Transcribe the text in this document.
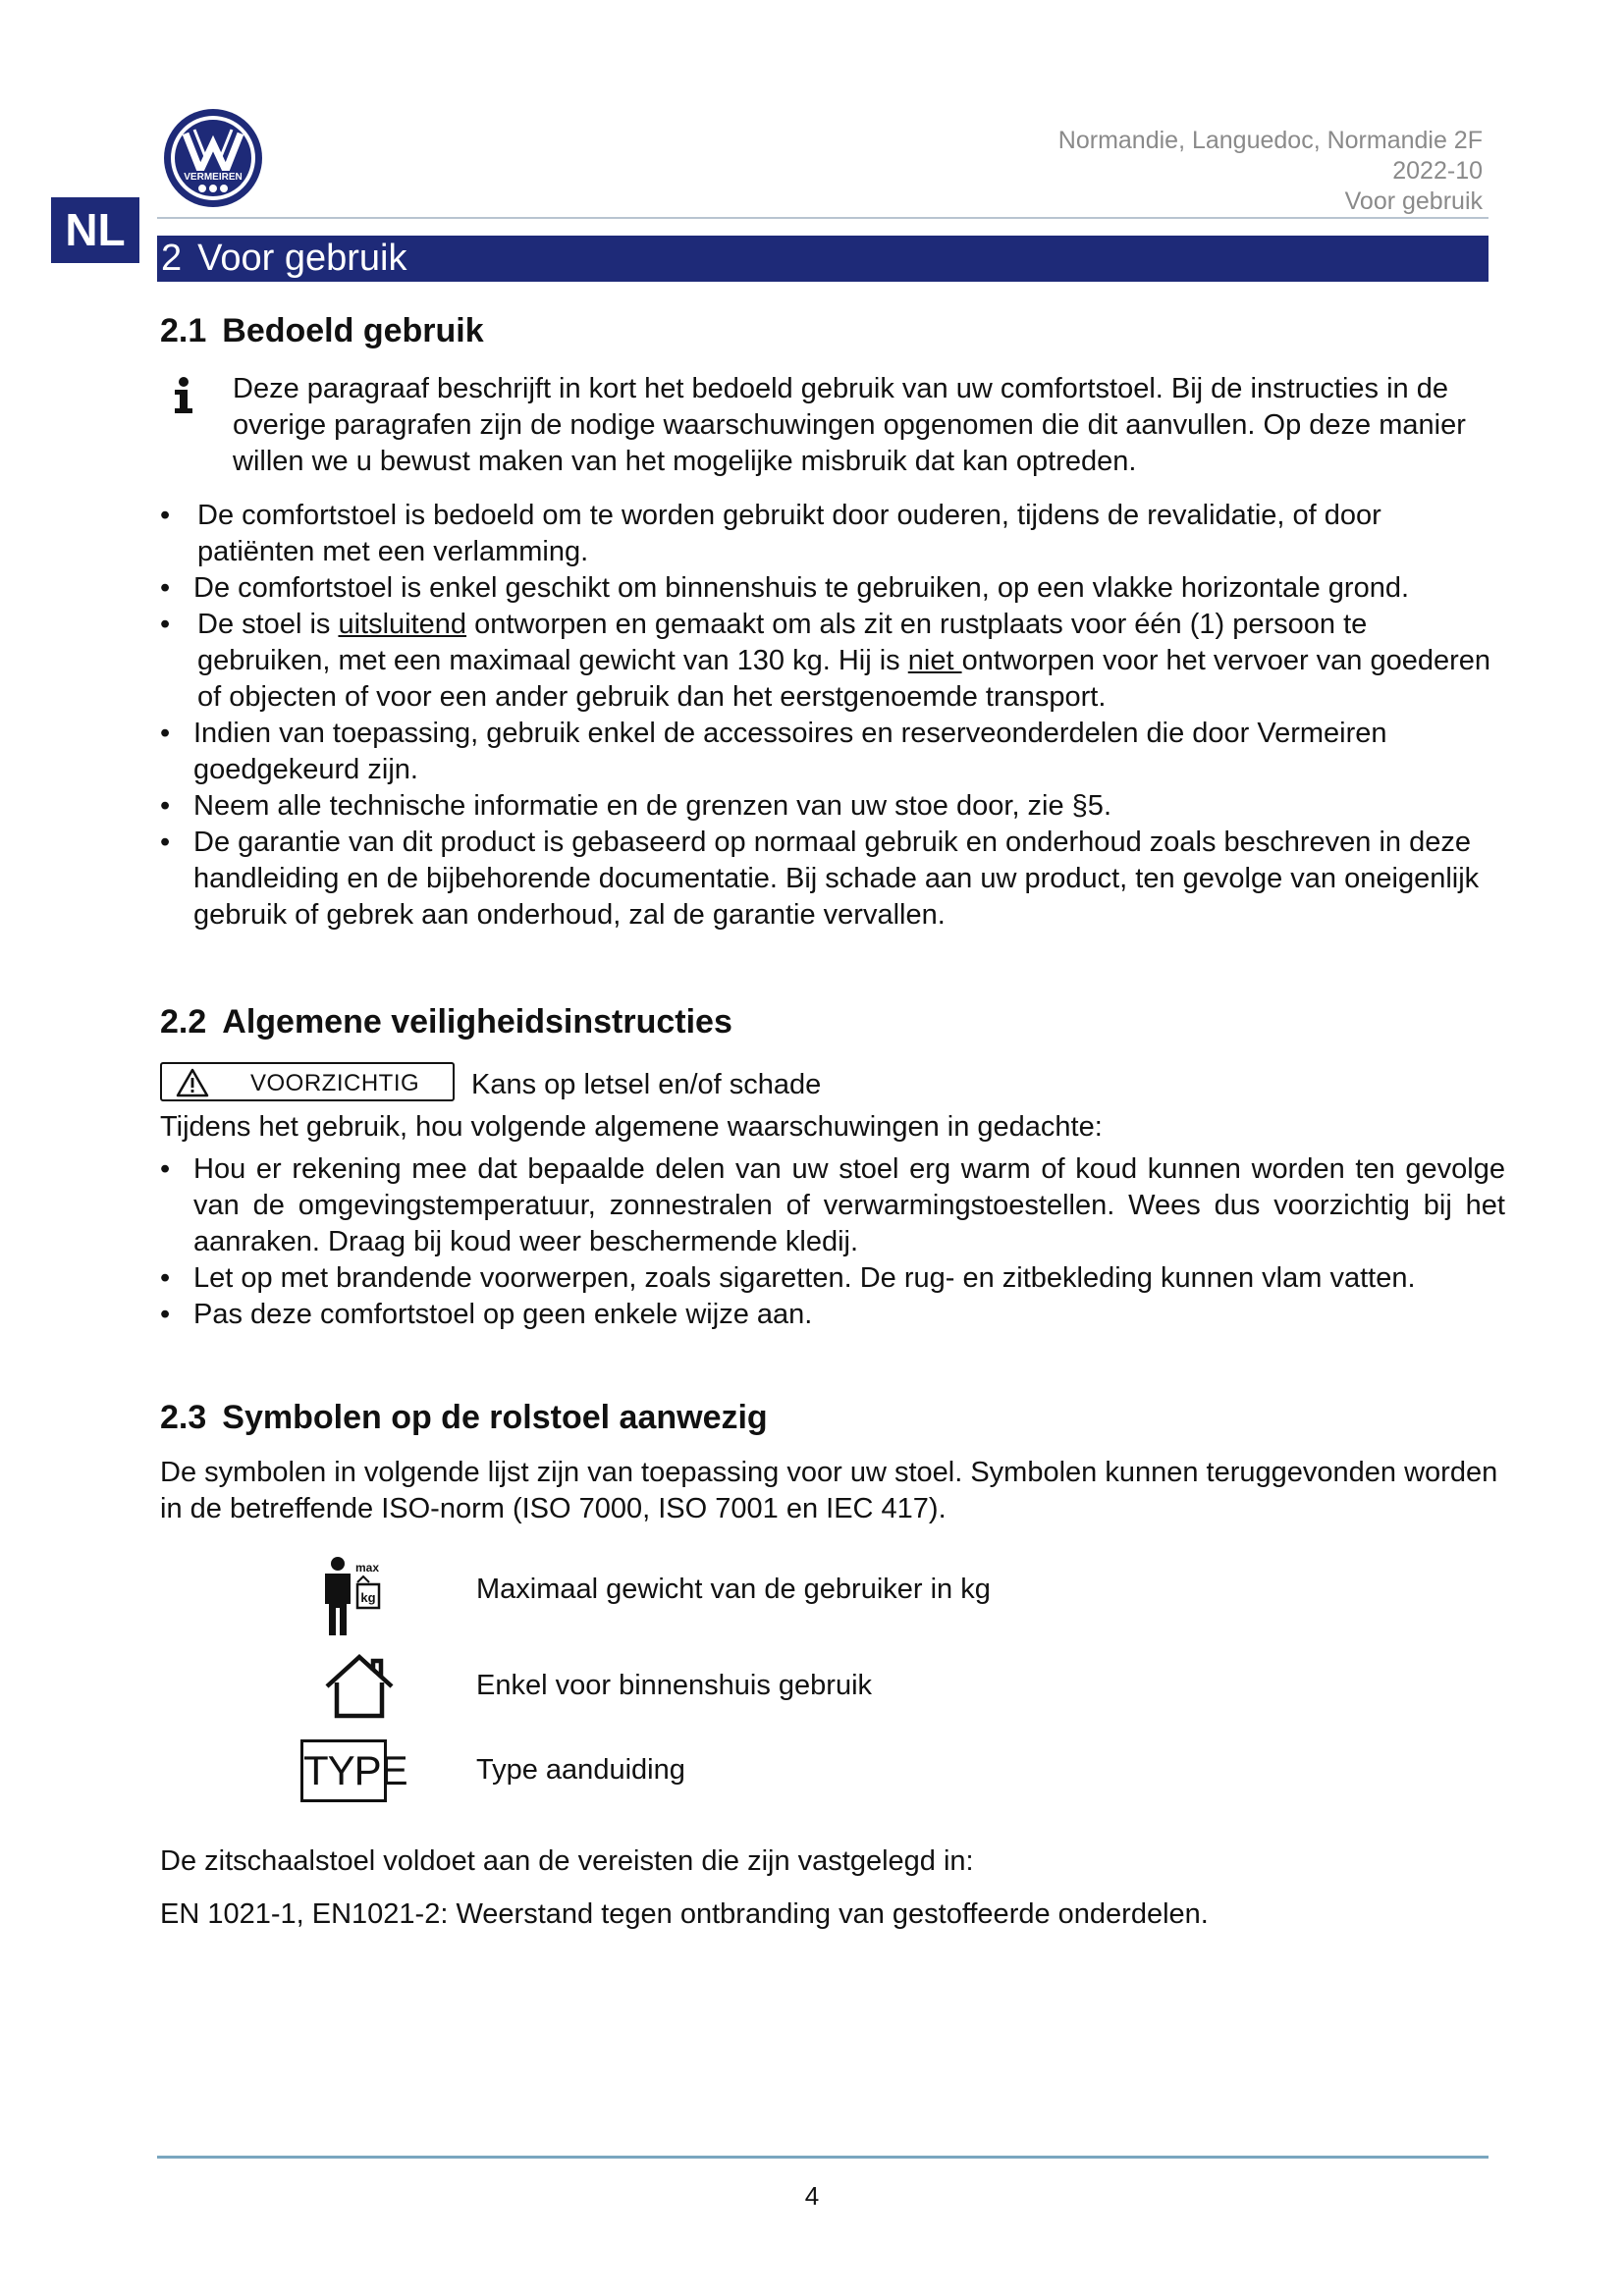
VERMEIREN
Normandie, Languedoc, Normandie 2F
2022-10
Voor gebruik
NL
2 Voor gebruik
2.1 Bedoeld gebruik
Deze paragraaf beschrijft in kort het bedoeld gebruik van uw comfortstoel. Bij de instructies in de overige paragrafen zijn de nodige waarschuwingen opgenomen die dit aanvullen. Op deze manier willen we u bewust maken van het mogelijke misbruik dat kan optreden.
• De comfortstoel is bedoeld om te worden gebruikt door ouderen, tijdens de revalidatie, of door patiënten met een verlamming.
• De comfortstoel is enkel geschikt om binnenshuis te gebruiken, op een vlakke horizontale grond.
• De stoel is uitsluitend ontworpen en gemaakt om als zit en rustplaats voor één (1) persoon te gebruiken, met een maximaal gewicht van 130 kg. Hij is niet ontworpen voor het vervoer van goederen of objecten of voor een ander gebruik dan het eerstgenoemde transport.
• Indien van toepassing, gebruik enkel de accessoires en reserveonderdelen die door Vermeiren goedgekeurd zijn.
• Neem alle technische informatie en de grenzen van uw stoe door, zie §5.
• De garantie van dit product is gebaseerd op normaal gebruik en onderhoud zoals beschreven in deze handleiding en de bijbehorende documentatie. Bij schade aan uw product, ten gevolge van oneigenlijk gebruik of gebrek aan onderhoud, zal de garantie vervallen.
2.2 Algemene veiligheidsinstructies
VOORZICHTIG Kans op letsel en/of schade
Tijdens het gebruik, hou volgende algemene waarschuwingen in gedachte:
• Hou er rekening mee dat bepaalde delen van uw stoel erg warm of koud kunnen worden ten gevolge van de omgevingstemperatuur, zonnestralen of verwarmingstoestellen. Wees dus voorzichtig bij het aanraken. Draag bij koud weer beschermende kledij.
• Let op met brandende voorwerpen, zoals sigaretten. De rug- en zitbekleding kunnen vlam vatten.
• Pas deze comfortstoel op geen enkele wijze aan.
2.3 Symbolen op de rolstoel aanwezig
De symbolen in volgende lijst zijn van toepassing voor uw stoel. Symbolen kunnen teruggevonden worden in de betreffende ISO-norm (ISO 7000, ISO 7001 en IEC 417).
max
kg	Maximaal gewicht van de gebruiker in kg
Enkel voor binnenshuis gebruik
TYPE Type aanduiding
De zitschaalstoel voldoet aan de vereisten die zijn vastgelegd in:
EN 1021-1, EN1021-2: Weerstand tegen ontbranding van gestoffeerde onderdelen.
4
